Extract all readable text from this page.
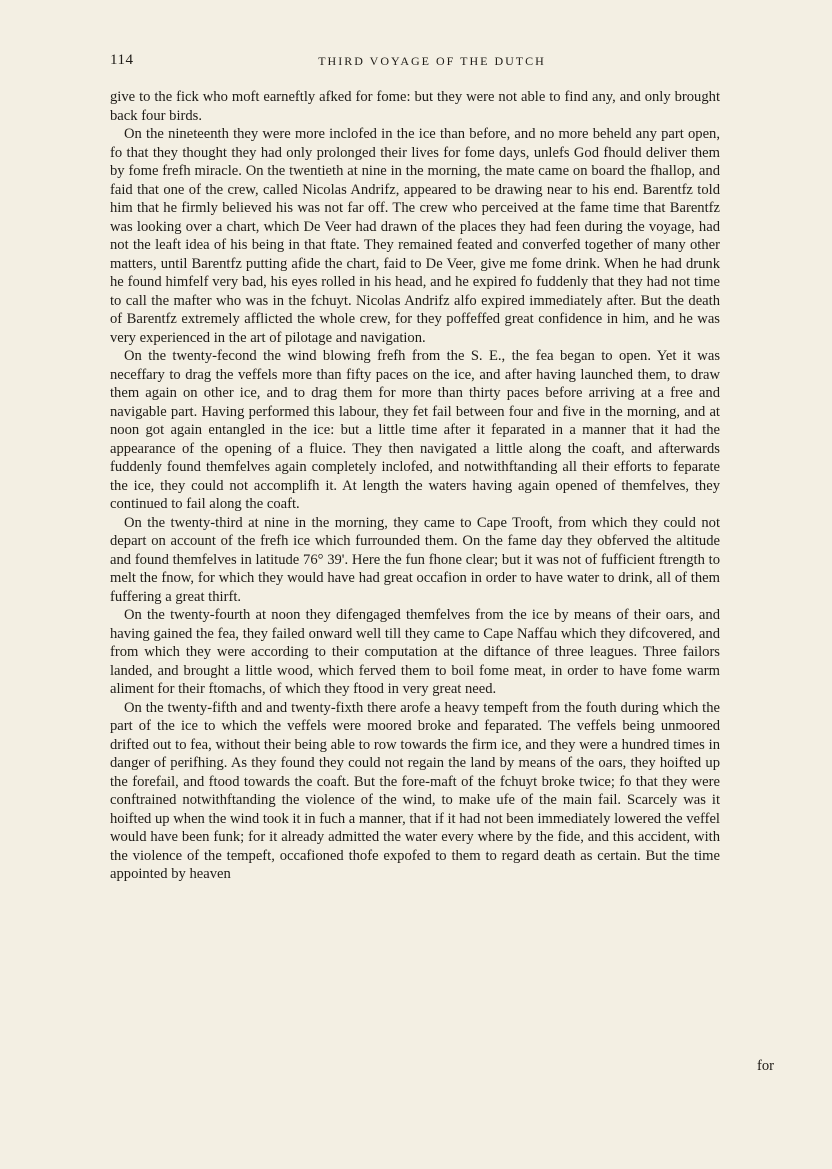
114	THIRD VOYAGE OF THE DUTCH

give to the fick who moft earneftly afked for fome: but they were not able to find any, and only brought back four birds.

On the nineteenth they were more inclofed in the ice than before, and no more beheld any part open, fo that they thought they had only prolonged their lives for fome days, unlefs God fhould deliver them by fome frefh miracle. On the twentieth at nine in the morning, the mate came on board the fhallop, and faid that one of the crew, called Nicolas Andrifz, appeared to be drawing near to his end. Barentfz told him that he firmly believed his was not far off. The crew who perceived at the fame time that Barentfz was looking over a chart, which De Veer had drawn of the places they had feen during the voyage, had not the leaft idea of his being in that ftate. They remained feated and converfed together of many other matters, until Barentfz putting afide the chart, faid to De Veer, give me fome drink. When he had drunk he found himfelf very bad, his eyes rolled in his head, and he expired fo fuddenly that they had not time to call the mafter who was in the fchuyt. Nicolas Andrifz alfo expired immediately after. But the death of Barentfz extremely afflicted the whole crew, for they poffeffed great confidence in him, and he was very experienced in the art of pilotage and navigation.

On the twenty-fecond the wind blowing frefh from the S. E., the fea began to open. Yet it was neceffary to drag the veffels more than fifty paces on the ice, and after having launched them, to draw them again on other ice, and to drag them for more than thirty paces before arriving at a free and navigable part. Having performed this labour, they fet fail between four and five in the morning, and at noon got again entangled in the ice: but a little time after it feparated in a manner that it had the appearance of the opening of a fluice. They then navigated a little along the coaft, and afterwards fuddenly found themfelves again completely inclofed, and notwithftanding all their efforts to feparate the ice, they could not accomplifh it. At length the waters having again opened of themfelves, they continued to fail along the coaft.

On the twenty-third at nine in the morning, they came to Cape Trooft, from which they could not depart on account of the frefh ice which furrounded them. On the fame day they obferved the altitude and found themfelves in latitude 76° 39'. Here the fun fhone clear; but it was not of fufficient ftrength to melt the fnow, for which they would have had great occafion in order to have water to drink, all of them fuffering a great thirft.

On the twenty-fourth at noon they difengaged themfelves from the ice by means of their oars, and having gained the fea, they failed onward well till they came to Cape Naffau which they difcovered, and from which they were according to their computation at the diftance of three leagues. Three failors landed, and brought a little wood, which ferved them to boil fome meat, in order to have fome warm aliment for their ftomachs, of which they ftood in very great need.

On the twenty-fifth and and twenty-fixth there arofe a heavy tempeft from the fouth during which the part of the ice to which the veffels were moored broke and feparated. The veffels being unmoored drifted out to fea, without their being able to row towards the firm ice, and they were a hundred times in danger of perifhing. As they found they could not regain the land by means of the oars, they hoifted up the forefail, and ftood towards the coaft. But the fore-maft of the fchuyt broke twice; fo that they were conftrained notwithftanding the violence of the wind, to make ufe of the main fail. Scarcely was it hoifted up when the wind took it in fuch a manner, that if it had not been immediately lowered the veffel would have been funk; for it already admitted the water every where by the fide, and this accident, with the violence of the tempeft, occafioned thofe expofed to them to regard death as certain. But the time appointed by heaven

for
